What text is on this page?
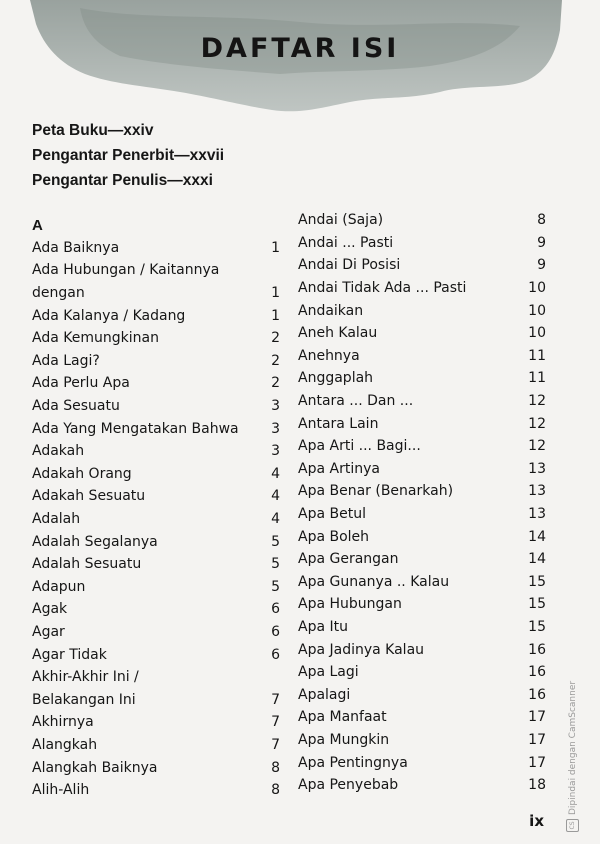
DAFTAR ISI
Peta Buku—xxiv
Pengantar Penerbit—xxvii
Pengantar Penulis—xxxi
A
Ada Baiknya	1
Ada Hubungan / Kaitannya
dengan	1
Ada Kalanya / Kadang	1
Ada Kemungkinan	2
Ada Lagi?	2
Ada Perlu Apa	2
Ada Sesuatu	3
Ada Yang Mengatakan Bahwa	3
Adakah	3
Adakah Orang	4
Adakah Sesuatu	4
Adalah	4
Adalah Segalanya	5
Adalah Sesuatu	5
Adapun	5
Agak	6
Agar	6
Agar Tidak	6
Akhir-Akhir Ini /
Belakangan Ini	7
Akhirnya	7
Alangkah	7
Alangkah Baiknya	8
Alih-Alih	8
Andai (Saja)	8
Andai ... Pasti	9
Andai Di Posisi	9
Andai Tidak Ada ... Pasti	10
Andaikan	10
Aneh Kalau	10
Anehnya	11
Anggaplah	11
Antara ... Dan ...	12
Antara Lain	12
Apa Arti ... Bagi...	12
Apa Artinya	13
Apa Benar (Benarkah)	13
Apa Betul	13
Apa Boleh	14
Apa Gerangan	14
Apa Gunanya .. Kalau	15
Apa Hubungan	15
Apa Itu	15
Apa Jadinya Kalau	16
Apa Lagi	16
Apalagi	16
Apa Manfaat	17
Apa Mungkin	17
Apa Pentingnya	17
Apa Penyebab	18
ix	CS
Dipindai dengan CamScanner
